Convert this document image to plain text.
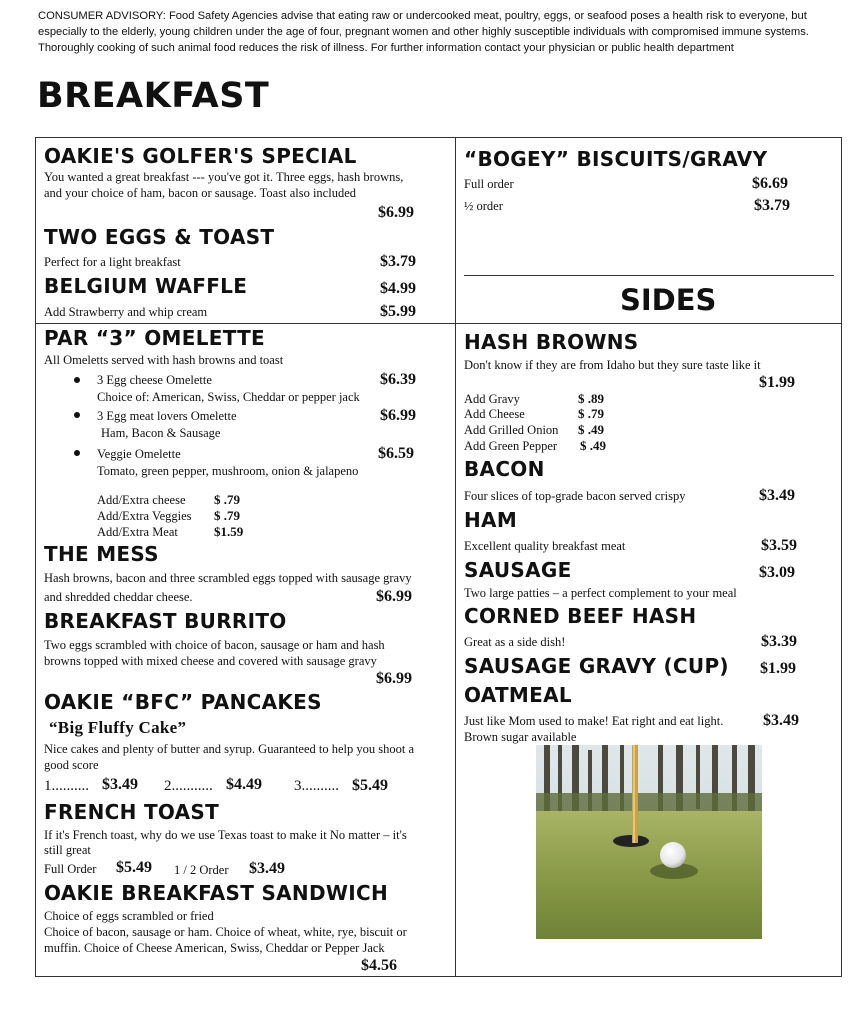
CONSUMER ADVISORY: Food Safety Agencies advise that eating raw or undercooked meat, poultry, eggs, or seafood poses a health risk to everyone, but especially to the elderly, young children under the age of four, pregnant women and other highly susceptible individuals with compromised immune systems. Thoroughly cooking of such animal food reduces the risk of illness. For further information contact your physician or public health department
BREAKFAST
OAKIE'S GOLFER'S SPECIAL
You wanted a great breakfast --- you've got it. Three eggs, hash browns,
and your choice of ham, bacon or sausage. Toast also included
$6.99
TWO EGGS & TOAST
Perfect for a light breakfast	$3.79
BELGIUM WAFFLE	$4.99
Add Strawberry and whip cream	$5.99
PAR “3” OMELETTE
All Omeletts served with hash browns and toast
3 Egg cheese Omelette	$6.39
Choice of: American, Swiss, Cheddar or pepper jack
3 Egg meat lovers Omelette	$6.99
Ham, Bacon & Sausage
Veggie Omelette	$6.59
Tomato, green pepper, mushroom, onion & jalapeno
Add/Extra cheese $ .79
Add/Extra Veggies $ .79
Add/Extra Meat	$1.59
THE MESS
Hash browns, bacon and three scrambled eggs topped with sausage gravy
and shredded cheddar cheese.	$6.99
BREAKFAST BURRITO
Two eggs scrambled with choice of bacon, sausage or ham and hash
browns topped with mixed cheese and covered with sausage gravy
$6.99
OAKIE “BFC” PANCAKES
“Big Fluffy Cake”
Nice cakes and plenty of butter and syrup. Guaranteed to help you shoot a
good score
1.......... $3.49 2........... $4.49 3.......... $5.49
FRENCH TOAST
If it's French toast, why do we use Texas toast to make it No matter – it's
still great
Full Order $5.49 1 / 2 Order $3.49
OAKIE BREAKFAST SANDWICH
Choice of eggs scrambled or fried
Choice of bacon, sausage or ham. Choice of wheat, white, rye, biscuit or
muffin. Choice of Cheese American, Swiss, Cheddar or Pepper Jack
$4.56
“BOGEY” BISCUITS/GRAVY
Full order	$6.69
½ order	$3.79
SIDES
HASH BROWNS
Don't know if they are from Idaho but they sure taste like it
$1.99
Add Gravy	$ .89
Add Cheese	$ .79
Add Grilled Onion $ .49
Add Green Pepper $ .49
BACON
Four slices of top-grade bacon served crispy	$3.49
HAM
Excellent quality breakfast meat	$3.59
SAUSAGE	$3.09
Two large patties – a perfect complement to your meal
CORNED BEEF HASH
Great as a side dish!	$3.39
SAUSAGE GRAVY (CUP) $1.99
OATMEAL
Just like Mom used to make! Eat right and eat light. $3.49
Brown sugar available
